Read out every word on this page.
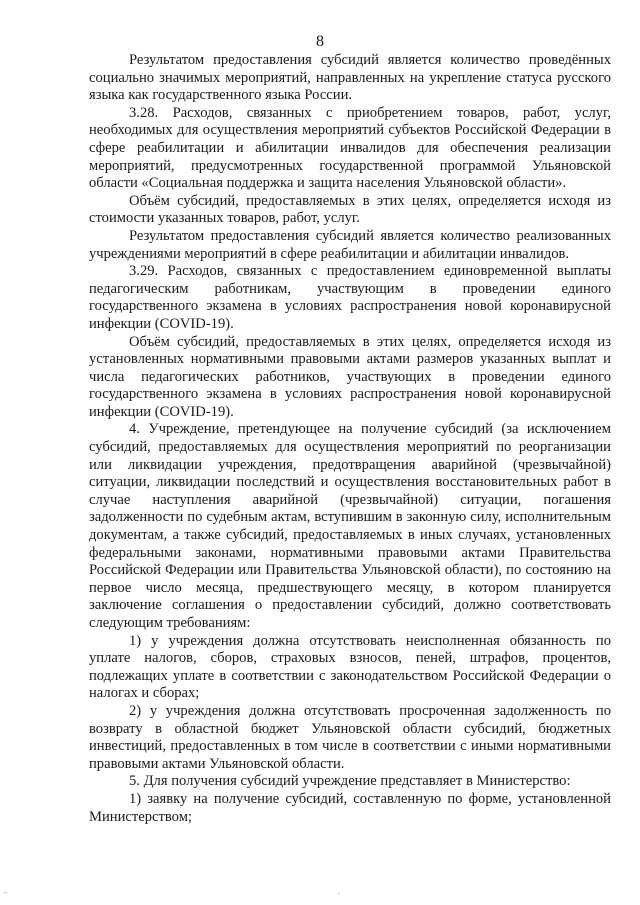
8

Результатом предоставления субсидий является количество проведённых социально значимых мероприятий, направленных на укрепление статуса русского языка как государственного языка России.

3.28. Расходов, связанных с приобретением товаров, работ, услуг, необходимых для осуществления мероприятий субъектов Российской Федерации в сфере реабилитации и абилитации инвалидов для обеспечения реализации мероприятий, предусмотренных государственной программой Ульяновской области «Социальная поддержка и защита населения Ульяновской области».

Объём субсидий, предоставляемых в этих целях, определяется исходя из стоимости указанных товаров, работ, услуг.

Результатом предоставления субсидий является количество реализованных учреждениями мероприятий в сфере реабилитации и абилитации инвалидов.

3.29. Расходов, связанных с предоставлением единовременной выплаты педагогическим работникам, участвующим в проведении единого государственного экзамена в условиях распространения новой коронавирусной инфекции (COVID-19).

Объём субсидий, предоставляемых в этих целях, определяется исходя из установленных нормативными правовыми актами размеров указанных выплат и числа педагогических работников, участвующих в проведении единого государственного экзамена в условиях распространения новой коронавирусной инфекции (COVID-19).

4. Учреждение, претендующее на получение субсидий (за исключением субсидий, предоставляемых для осуществления мероприятий по реорганизации или ликвидации учреждения, предотвращения аварийной (чрезвычайной) ситуации, ликвидации последствий и осуществления восстановительных работ в случае наступления аварийной (чрезвычайной) ситуации, погашения задолженности по судебным актам, вступившим в законную силу, исполнительным документам, а также субсидий, предоставляемых в иных случаях, установленных федеральными законами, нормативными правовыми актами Правительства Российской Федерации или Правительства Ульяновской области), по состоянию на первое число месяца, предшествующего месяцу, в котором планируется заключение соглашения о предоставлении субсидий, должно соответствовать следующим требованиям:

1) у учреждения должна отсутствовать неисполненная обязанность по уплате налогов, сборов, страховых взносов, пеней, штрафов, процентов, подлежащих уплате в соответствии с законодательством Российской Федерации о налогах и сборах;

2) у учреждения должна отсутствовать просроченная задолженность по возврату в областной бюджет Ульяновской области субсидий, бюджетных инвестиций, предоставленных в том числе в соответствии с иными нормативными правовыми актами Ульяновской области.

5. Для получения субсидий учреждение представляет в Министерство:

1) заявку на получение субсидий, составленную по форме, установленной Министерством;
